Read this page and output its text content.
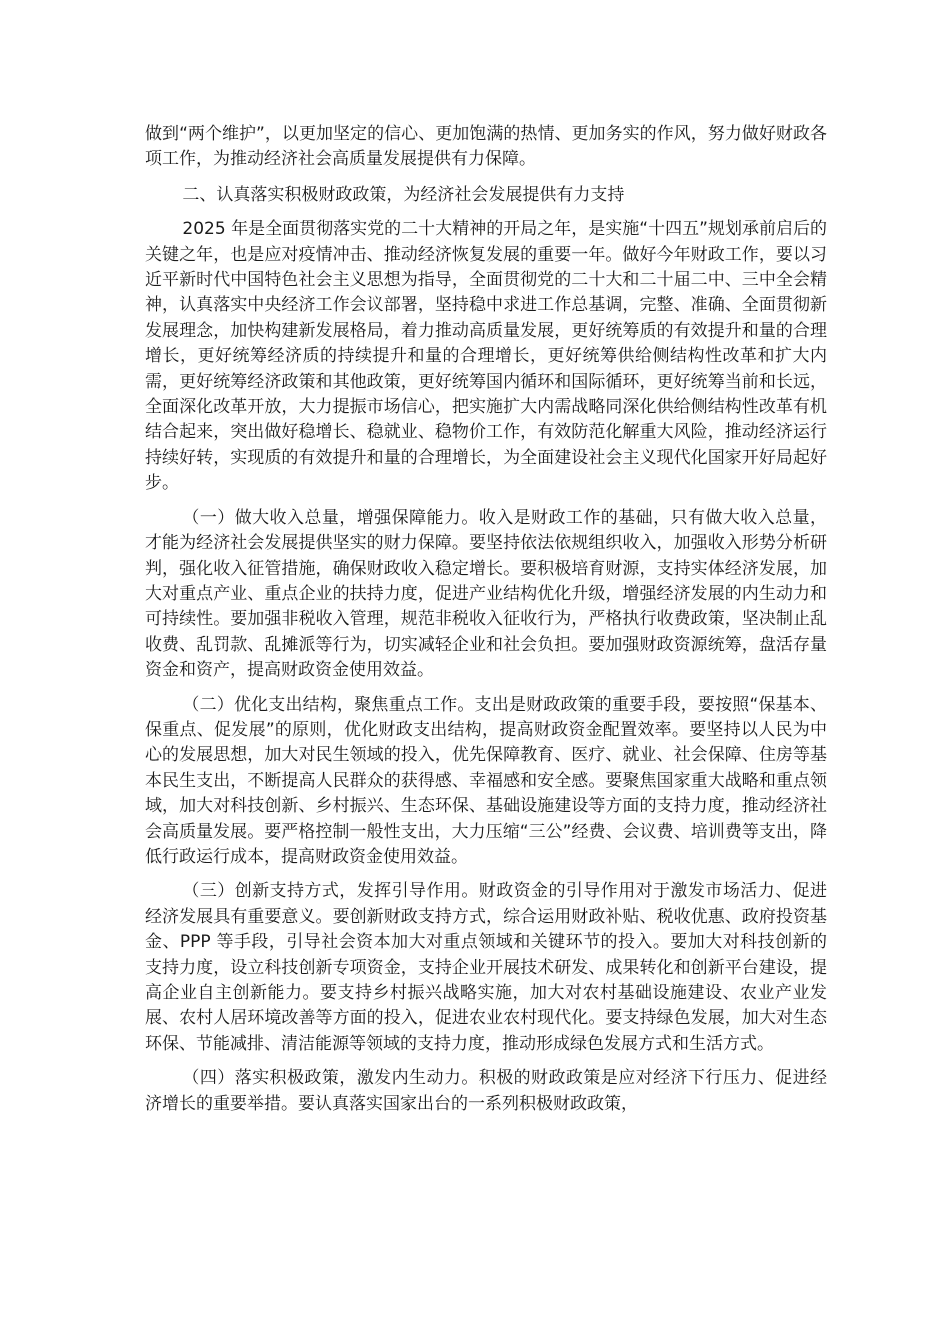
做到“两个维护”，以更加坚定的信心、更加饱满的热情、更加务实的作风，努力做好财政各项工作，为推动经济社会高质量发展提供有力保障。

二、认真落实积极财政政策，为经济社会发展提供有力支持

2025 年是全面贯彻落实党的二十大精神的开局之年，是实施“十四五”规划承前启后的关键之年，也是应对疫情冲击、推动经济恢复发展的重要一年。做好今年财政工作，要以习近平新时代中国特色社会主义思想为指导，全面贯彻党的二十大和二十届二中、三中全会精神，认真落实中央经济工作会议部署，坚持稳中求进工作总基调，完整、准确、全面贯彻新发展理念，加快构建新发展格局，着力推动高质量发展，更好统筹质的有效提升和量的合理增长，更好统筹经济质的持续提升和量的合理增长，更好统筹供给侧结构性改革和扩大内需，更好统筹经济政策和其他政策，更好统筹国内循环和国际循环，更好统筹当前和长远，全面深化改革开放，大力提振市场信心，把实施扩大内需战略同深化供给侧结构性改革有机结合起来，突出做好稳增长、稳就业、稳物价工作，有效防范化解重大风险，推动经济运行持续好转，实现质的有效提升和量的合理增长，为全面建设社会主义现代化国家开好局起好步。

（一）做大收入总量，增强保障能力。收入是财政工作的基础，只有做大收入总量，才能为经济社会发展提供坚实的财力保障。要坚持依法依规组织收入，加强收入形势分析研判，强化收入征管措施，确保财政收入稳定增长。要积极培育财源，支持实体经济发展，加大对重点产业、重点企业的扶持力度，促进产业结构优化升级，增强经济发展的内生动力和可持续性。要加强非税收入管理，规范非税收入征收行为，严格执行收费政策，坚决制止乱收费、乱罚款、乱摊派等行为，切实减轻企业和社会负担。要加强财政资源统筹，盘活存量资金和资产，提高财政资金使用效益。

（二）优化支出结构，聚焦重点工作。支出是财政政策的重要手段，要按照“保基本、保重点、促发展”的原则，优化财政支出结构，提高财政资金配置效率。要坚持以人民为中心的发展思想，加大对民生领域的投入，优先保障教育、医疗、就业、社会保障、住房等基本民生支出，不断提高人民群众的获得感、幸福感和安全感。要聚焦国家重大战略和重点领域，加大对科技创新、乡村振兴、生态环保、基础设施建设等方面的支持力度，推动经济社会高质量发展。要严格控制一般性支出，大力压缩“三公”经费、会议费、培训费等支出，降低行政运行成本，提高财政资金使用效益。

（三）创新支持方式，发挥引导作用。财政资金的引导作用对于激发市场活力、促进经济发展具有重要意义。要创新财政支持方式，综合运用财政补贴、税收优惠、政府投资基金、PPP 等手段，引导社会资本加大对重点领域和关键环节的投入。要加大对科技创新的支持力度，设立科技创新专项资金，支持企业开展技术研发、成果转化和创新平台建设，提高企业自主创新能力。要支持乡村振兴战略实施，加大对农村基础设施建设、农业产业发展、农村人居环境改善等方面的投入，促进农业农村现代化。要支持绿色发展，加大对生态环保、节能减排、清洁能源等领域的支持力度，推动形成绿色发展方式和生活方式。

（四）落实积极政策，激发内生动力。积极的财政政策是应对经济下行压力、促进经济增长的重要举措。要认真落实国家出台的一系列积极财政政策，
